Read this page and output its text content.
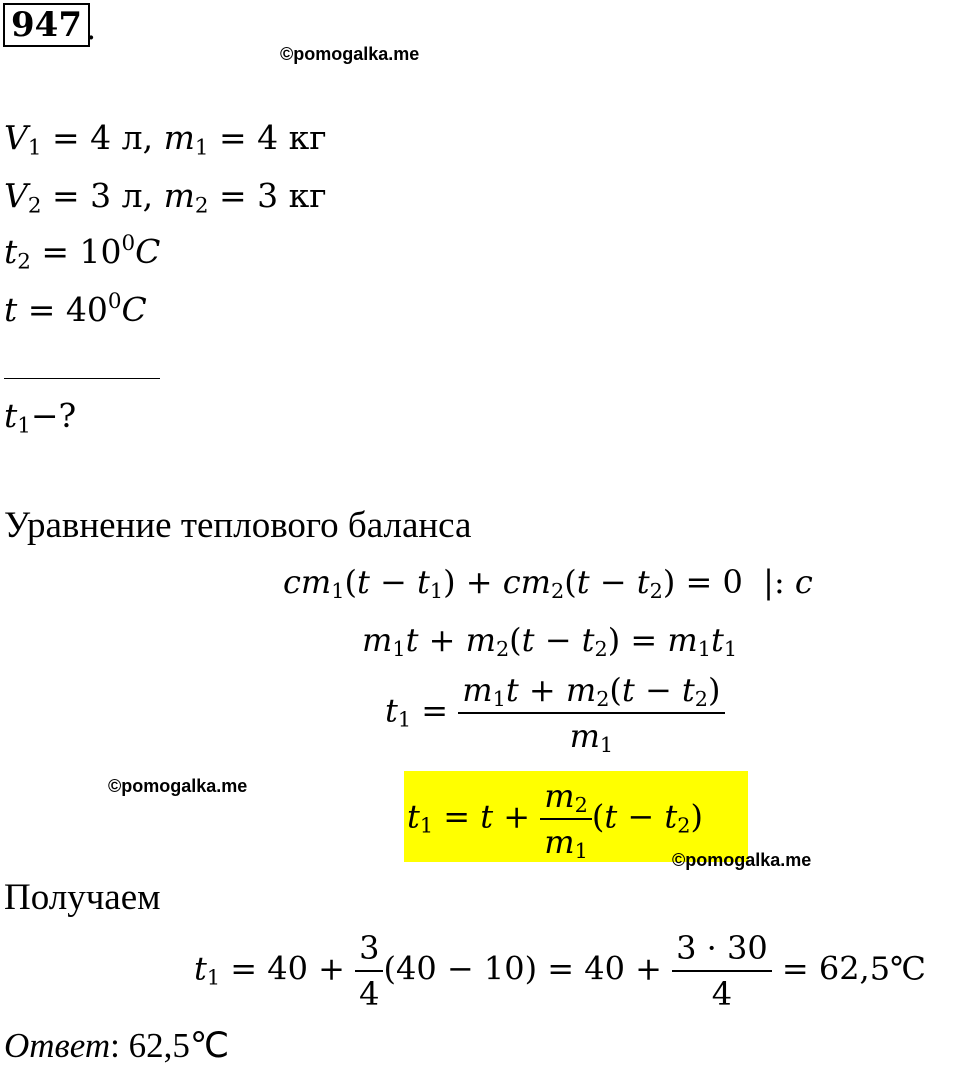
947 .
©pomogalka.me
©pomogalka.me
$V_1 = 4$ л, $m_1 = 4$ кг
$V_2 = 3$ л, $m_2 = 3$ кг
$t_2 = 10^0C$
$t = 40^0C$
$t_1-$?
Уравнение теплового баланса
$cm_1(t - t_1) + cm_2(t - t_2) = 0$  |: c
$m_1t + m_2(t - t_2) = m_1t_1$
$t_1 = \frac{m_1t + m_2(t - t_2)}{m_1}$
$t_1 = t + \frac{m_2}{m_1} (t - t_2)$
©pomogalka.me
Получаем
$t_1 = 40 + \frac{3}{4} (40 - 10) = 40 + \frac{3 \cdot 30}{4}$ = 62,5℃
Ответ: 62,5℃
